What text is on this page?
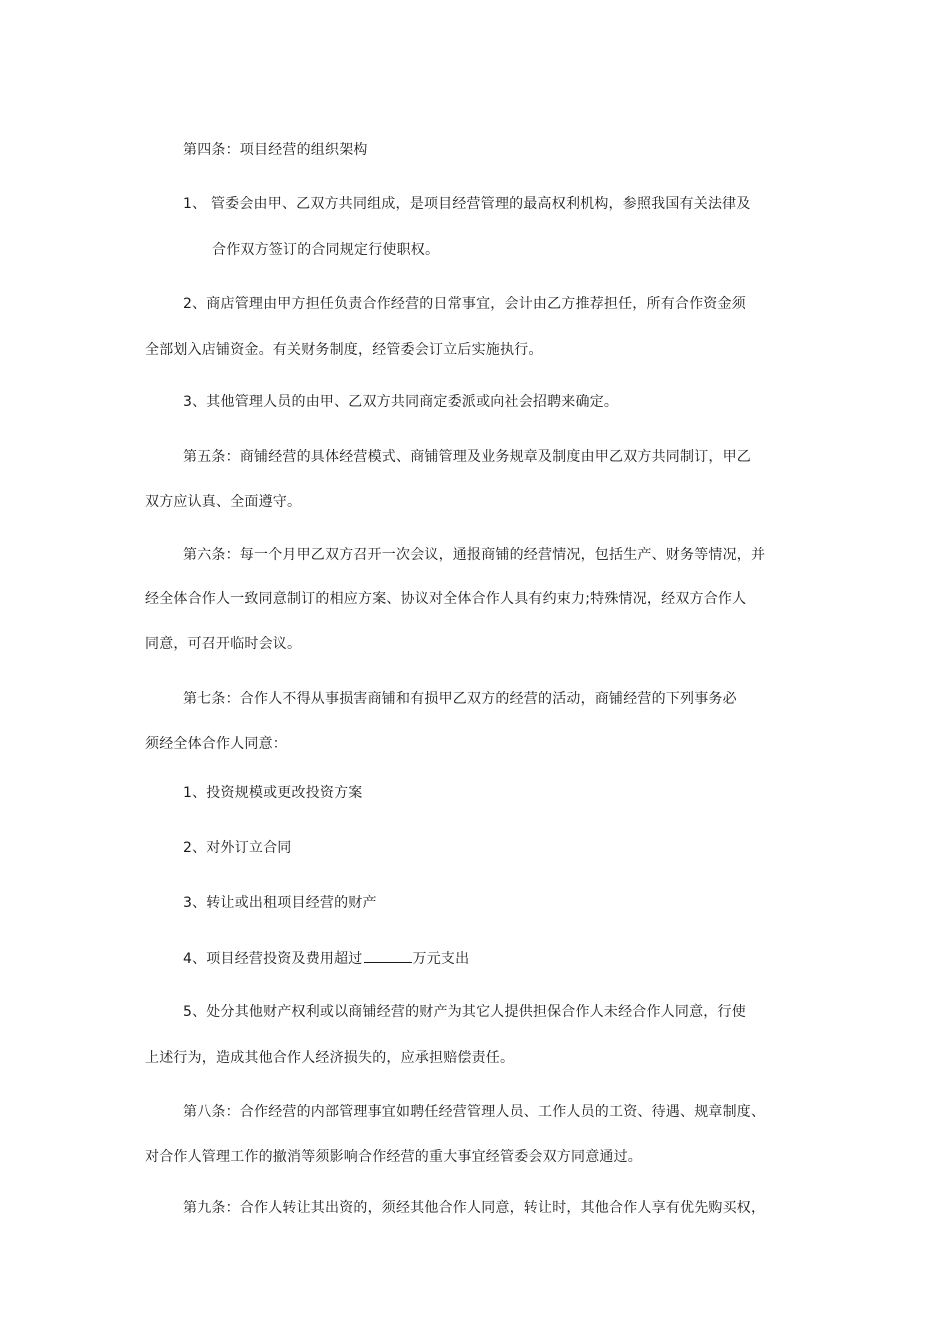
第四条：项目经营的组织架构
1、 管委会由甲、乙双方共同组成，是项目经营管理的最高权利机构，参照我国有关法律及
合作双方签订的合同规定行使职权。
2、商店管理由甲方担任负责合作经营的日常事宜，会计由乙方推荐担任，所有合作资金须
全部划入店铺资金。有关财务制度，经管委会订立后实施执行。
3、其他管理人员的由甲、乙双方共同商定委派或向社会招聘来确定。
第五条：商铺经营的具体经营模式、商铺管理及业务规章及制度由甲乙双方共同制订，甲乙
双方应认真、全面遵守。
第六条：每一个月甲乙双方召开一次会议，通报商铺的经营情况，包括生产、财务等情况，并
经全体合作人一致同意制订的相应方案、协议对全体合作人具有约束力;特殊情况，经双方合作人
同意，可召开临时会议。
第七条：合作人不得从事损害商铺和有损甲乙双方的经营的活动，商铺经营的下列事务必
须经全体合作人同意：
1、投资规模或更改投资方案
2、对外订立合同
3、转让或出租项目经营的财产
4、项目经营投资及费用超过	万元支出
5、处分其他财产权利或以商铺经营的财产为其它人提供担保合作人未经合作人同意，行使
上述行为，造成其他合作人经济损失的，应承担赔偿责任。
第八条：合作经营的内部管理事宜如聘任经营管理人员、工作人员的工资、待遇、规章制度、
对合作人管理工作的撤消等须影响合作经营的重大事宜经管委会双方同意通过。
第九条：合作人转让其出资的，须经其他合作人同意，转让时，其他合作人享有优先购买权，
